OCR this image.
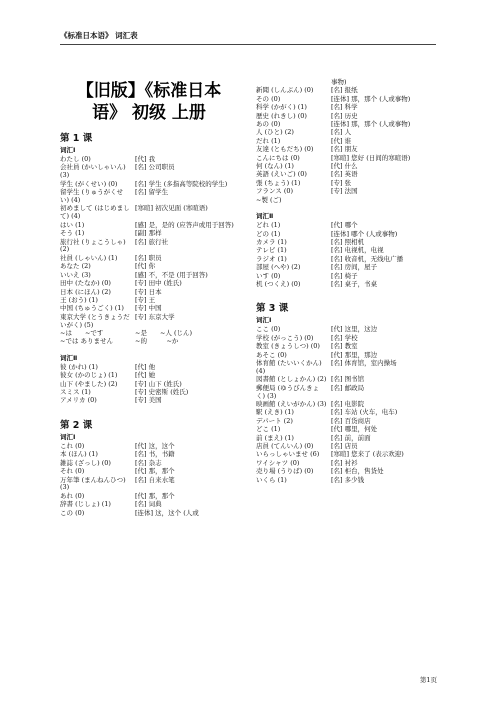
《标准日本语》 词汇表
【旧版】《标准日本语》 初级 上册
第 1 课
词汇Ⅰ
わたし (0)	[代] 我
会社員 (かいしゃいん) (3)
[名] 公司职员
学生 (がくせい) (0)	[名] 学生 (多指高等院校的学生)
留学生 (りゅうがくせい) (4)
[名] 留学生
初めまして (はじめまして) (4)
[寒暄] 初次见面 (寒暄语)
はい (1)	[感] 是，是的 (应答声或用于回答)
そう (1)	[副] 那样
旅行社 (りょこうしゃ) (2)
[名] 旅行社
社員 (しゃいん) (1)	[名] 职员
あなた (2)	[代] 你
いいえ (3)	[感] 不，不是 (用于回答)
田中 (たなか) (0)	[专] 田中 (姓氏)
日本 (にほん) (2)	[专] 日本
王 (おう) (1)	[专] 王
中国 (ちゅうごく) (1)	[专] 中国
東京大学 (とうきょうだいがく) (5)
[专] 东京大学
~は　　~です	~是　　~人 (じん)
~では ありません	~的　　　~か
词汇Ⅱ
彼 (かれ) (1)	[代] 他
彼女 (かのじょ) (1)	[代] 她
山下 (やました) (2)	[专] 山下 (姓氏)
スミス (1)	[专] 史密斯 (姓氏)
アメリカ (0)	[专] 美国
第 2 课
词汇Ⅰ
これ (0)	[代] 这，这个
本 (ほん) (1)	[名] 书，书籍
雑誌 (ざっし) (0)	[名] 杂志
それ (0)	[代] 那，那个
万年筆 (まんねんひつ) (3)
[名] 自来水笔
あれ (0)	[代] 那，那个
辞書 (じしょ) (1)	[名] 词典
この (0)	[连体] 这，这个 (人或
事物)
新聞 (しんぶん) (0)	[名] 报纸
その (0)	[连体] 那，那个 (人或事物)
科学 (かがく) (1)	[名] 科学
歴史 (れきし) (0)	[名] 历史
あの (0)	[连体] 那，那个 (人或事物)
人 (ひと) (2)	[名] 人
だれ (1)	[代] 谁
友達 (ともだち) (0)	[名] 朋友
こんにちは (0)	[寒暄] 您好 (日间的寒暄语)
何 (なん) (1)	[代] 什么
英語 (えいご) (0)	[名] 英语
張 (ちょう) (1)	[专] 张
フランス (0)	[专] 法国
~製 (ご)
词汇Ⅱ
どれ (1)	[代] 哪个
どの (1)	[连体] 哪个 (人或事物)
カメラ (1)	[名] 照相机
テレビ (1)	[名] 电视机，电视
ラジオ (1)	[名] 收音机，无线电广播
部屋 (へや) (2)	[名] 房间，屋子
いす (0)	[名] 椅子
机 (つくえ) (0)	[名] 桌子，书桌
第 3 课
词汇Ⅰ
ここ (0)	[代] 这里，这边
学校 (がっこう) (0)	[名] 学校
教室 (きょうしつ) (0)	[名] 教室
あそこ (0)	[代] 那里，那边
体育館 (たいいくかん) (4)
[名] 体育馆，室内操场
図書館 (としょかん) (2) [名] 图书馆
郵便局 (ゆうびんきょく) (3)
[名] 邮政局
映画館 (えいがかん) (3) [名] 电影院
駅 (えき) (1)	[名] 车站 (火车，电车)
デパート (2)	[名] 百货商店
どこ (1)	[代] 哪里，何处
前 (まえ) (1)	[名] 前，前面
店員 (てんいん) (0)	[名] 店员
いらっしゃいませ (6)	[寒暄] 您来了 (表示欢迎)
ワイシャツ (0)	[名] 衬衫
売り場 (うりば) (0)	[名] 柜台，售货处
いくら (1)	[名] 多少钱
第1页
